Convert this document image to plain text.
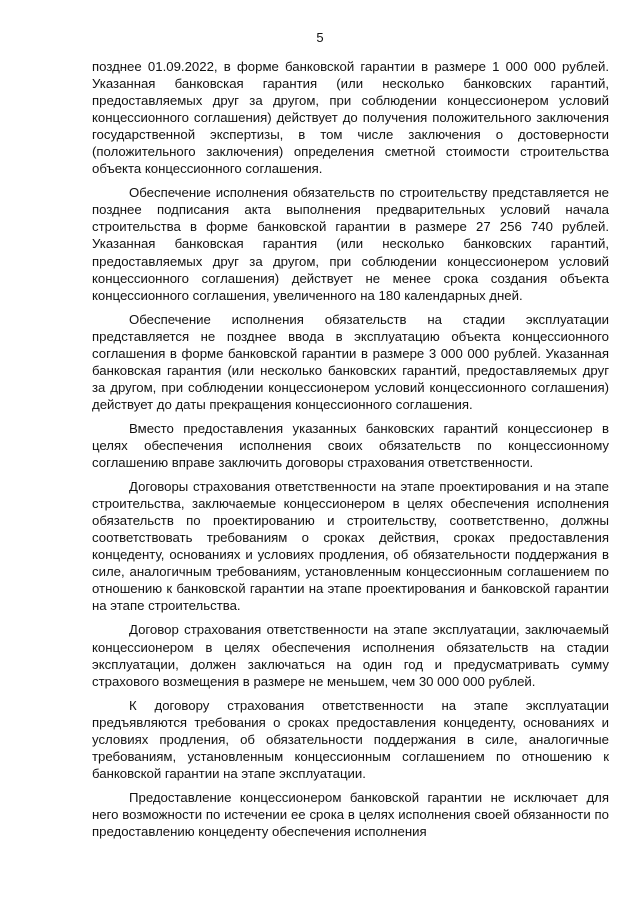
5

позднее 01.09.2022, в форме банковской гарантии в размере 1 000 000 рублей. Указанная банковская гарантия (или несколько банковских гарантий, предоставляемых друг за другом, при соблюдении концессионером условий концессионного соглашения) действует до получения положительного заключения государственной экспертизы, в том числе заключения о достоверности (положительного заключения) определения сметной стоимости строительства объекта концессионного соглашения.

Обеспечение исполнения обязательств по строительству представляется не позднее подписания акта выполнения предварительных условий начала строительства в форме банковской гарантии в размере 27 256 740 рублей. Указанная банковская гарантия (или несколько банковских гарантий, предоставляемых друг за другом, при соблюдении концессионером условий концессионного соглашения) действует не менее срока создания объекта концессионного соглашения, увеличенного на 180 календарных дней.

Обеспечение исполнения обязательств на стадии эксплуатации представляется не позднее ввода в эксплуатацию объекта концессионного соглашения в форме банковской гарантии в размере 3 000 000 рублей. Указанная банковская гарантия (или несколько банковских гарантий, предоставляемых друг за другом, при соблюдении концессионером условий концессионного соглашения) действует до даты прекращения концессионного соглашения.

Вместо предоставления указанных банковских гарантий концессионер в целях обеспечения исполнения своих обязательств по концессионному соглашению вправе заключить договоры страхования ответственности.

Договоры страхования ответственности на этапе проектирования и на этапе строительства, заключаемые концессионером в целях обеспечения исполнения обязательств по проектированию и строительству, соответственно, должны соответствовать требованиям о сроках действия, сроках предоставления концеденту, основаниях и условиях продления, об обязательности поддержания в силе, аналогичным требованиям, установленным концессионным соглашением по отношению к банковской гарантии на этапе проектирования и банковской гарантии на этапе строительства.

Договор страхования ответственности на этапе эксплуатации, заключаемый концессионером в целях обеспечения исполнения обязательств на стадии эксплуатации, должен заключаться на один год и предусматривать сумму страхового возмещения в размере не меньшем, чем 30 000 000 рублей.

К договору страхования ответственности на этапе эксплуатации предъявляются требования о сроках предоставления концеденту, основаниях и условиях продления, об обязательности поддержания в силе, аналогичные требованиям, установленным концессионным соглашением по отношению к банковской гарантии на этапе эксплуатации.

Предоставление концессионером банковской гарантии не исключает для него возможности по истечении ее срока в целях исполнения своей обязанности по предоставлению концеденту обеспечения исполнения
